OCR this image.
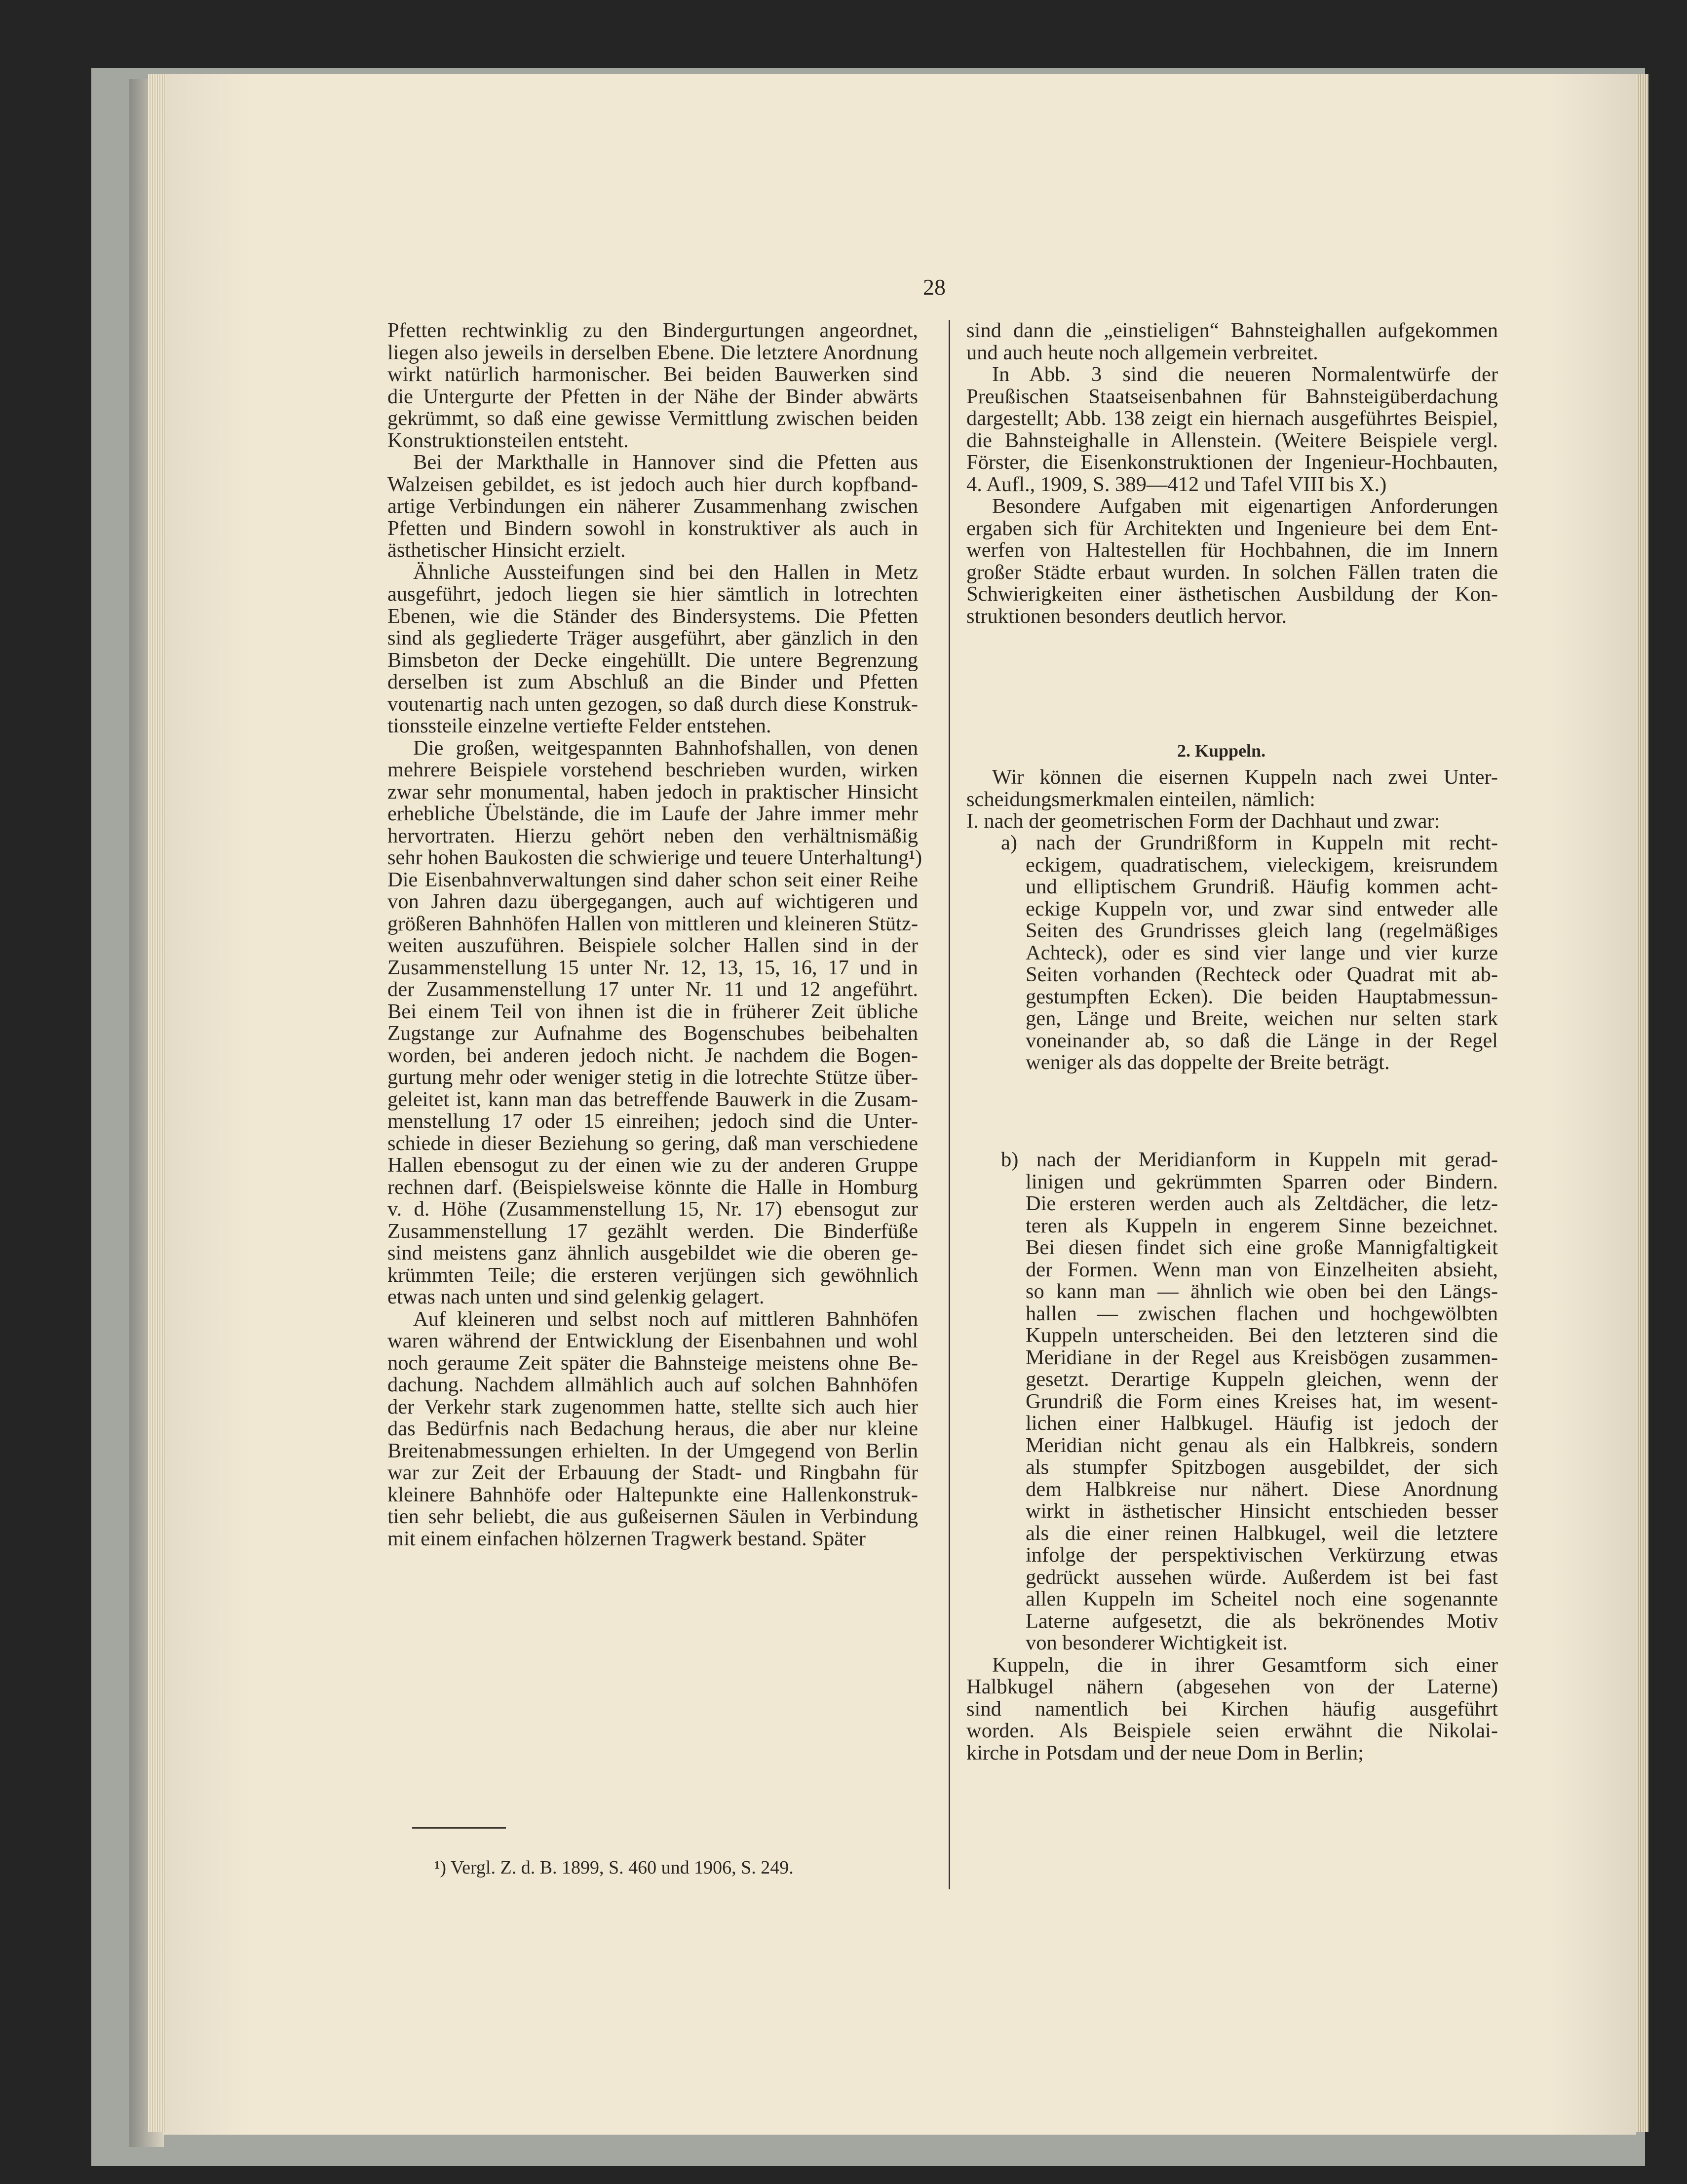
28
Pfetten rechtwinklig zu den Bindergurtungen angeordnet,
liegen also jeweils in derselben Ebene. Die letztere Anordnung
wirkt natürlich harmonischer. Bei beiden Bauwerken sind
die Untergurte der Pfetten in der Nähe der Binder abwärts
gekrümmt, so daß eine gewisse Vermittlung zwischen beiden
Konstruktionsteilen entsteht.
Bei der Markthalle in Hannover sind die Pfetten aus
Walzeisen gebildet, es ist jedoch auch hier durch kopfband-
artige Verbindungen ein näherer Zusammenhang zwischen
Pfetten und Bindern sowohl in konstruktiver als auch in
ästhetischer Hinsicht erzielt.
Ähnliche Aussteifungen sind bei den Hallen in Metz
ausgeführt, jedoch liegen sie hier sämtlich in lotrechten
Ebenen, wie die Ständer des Bindersystems. Die Pfetten
sind als gegliederte Träger ausgeführt, aber gänzlich in den
Bimsbeton der Decke eingehüllt. Die untere Begrenzung
derselben ist zum Abschluß an die Binder und Pfetten
voutenartig nach unten gezogen, so daß durch diese Konstruk-
tionssteile einzelne vertiefte Felder entstehen.
Die großen, weitgespannten Bahnhofshallen, von denen
mehrere Beispiele vorstehend beschrieben wurden, wirken
zwar sehr monumental, haben jedoch in praktischer Hinsicht
erhebliche Übelstände, die im Laufe der Jahre immer mehr
hervortraten. Hierzu gehört neben den verhältnismäßig
sehr hohen Baukosten die schwierige und teuere Unterhaltung¹)
Die Eisenbahnverwaltungen sind daher schon seit einer Reihe
von Jahren dazu übergegangen, auch auf wichtigeren und
größeren Bahnhöfen Hallen von mittleren und kleineren Stütz-
weiten auszuführen. Beispiele solcher Hallen sind in der
Zusammenstellung 15 unter Nr. 12, 13, 15, 16, 17 und in
der Zusammenstellung 17 unter Nr. 11 und 12 angeführt.
Bei einem Teil von ihnen ist die in früherer Zeit übliche
Zugstange zur Aufnahme des Bogenschubes beibehalten
worden, bei anderen jedoch nicht. Je nachdem die Bogen-
gurtung mehr oder weniger stetig in die lotrechte Stütze über-
geleitet ist, kann man das betreffende Bauwerk in die Zusam-
menstellung 17 oder 15 einreihen; jedoch sind die Unter-
schiede in dieser Beziehung so gering, daß man verschiedene
Hallen ebensogut zu der einen wie zu der anderen Gruppe
rechnen darf. (Beispielsweise könnte die Halle in Homburg
v. d. Höhe (Zusammenstellung 15, Nr. 17) ebensogut zur
Zusammenstellung 17 gezählt werden. Die Binderfüße
sind meistens ganz ähnlich ausgebildet wie die oberen ge-
krümmten Teile; die ersteren verjüngen sich gewöhnlich
etwas nach unten und sind gelenkig gelagert.
Auf kleineren und selbst noch auf mittleren Bahnhöfen
waren während der Entwicklung der Eisenbahnen und wohl
noch geraume Zeit später die Bahnsteige meistens ohne Be-
dachung. Nachdem allmählich auch auf solchen Bahnhöfen
der Verkehr stark zugenommen hatte, stellte sich auch hier
das Bedürfnis nach Bedachung heraus, die aber nur kleine
Breitenabmessungen erhielten. In der Umgegend von Berlin
war zur Zeit der Erbauung der Stadt- und Ringbahn für
kleinere Bahnhöfe oder Haltepunkte eine Hallenkonstruk-
tien sehr beliebt, die aus gußeisernen Säulen in Verbindung
mit einem einfachen hölzernen Tragwerk bestand. Später
¹) Vergl. Z. d. B. 1899, S. 460 und 1906, S. 249.
sind dann die „einstieligen“ Bahnsteighallen aufgekommen
und auch heute noch allgemein verbreitet.
In Abb. 3 sind die neueren Normalentwürfe der
Preußischen Staatseisenbahnen für Bahnsteigüberdachung
dargestellt; Abb. 138 zeigt ein hiernach ausgeführtes Beispiel,
die Bahnsteighalle in Allenstein. (Weitere Beispiele vergl.
Förster, die Eisenkonstruktionen der Ingenieur-Hochbauten,
4. Aufl., 1909, S. 389—412 und Tafel VIII bis X.)
Besondere Aufgaben mit eigenartigen Anforderungen
ergaben sich für Architekten und Ingenieure bei dem Ent-
werfen von Haltestellen für Hochbahnen, die im Innern
großer Städte erbaut wurden. In solchen Fällen traten die
Schwierigkeiten einer ästhetischen Ausbildung der Kon-
struktionen besonders deutlich hervor.
2. Kuppeln.
Wir können die eisernen Kuppeln nach zwei Unter-
scheidungsmerkmalen einteilen, nämlich:
I. nach der geometrischen Form der Dachhaut und zwar:
a) nach der Grundrißform in Kuppeln mit recht-
eckigem, quadratischem, vieleckigem, kreisrundem
und elliptischem Grundriß. Häufig kommen acht-
eckige Kuppeln vor, und zwar sind entweder alle
Seiten des Grundrisses gleich lang (regelmäßiges
Achteck), oder es sind vier lange und vier kurze
Seiten vorhanden (Rechteck oder Quadrat mit ab-
gestumpften Ecken). Die beiden Hauptabmessun-
gen, Länge und Breite, weichen nur selten stark
voneinander ab, so daß die Länge in der Regel
weniger als das doppelte der Breite beträgt.
b) nach der Meridianform in Kuppeln mit gerad-
linigen und gekrümmten Sparren oder Bindern.
Die ersteren werden auch als Zeltdächer, die letz-
teren als Kuppeln in engerem Sinne bezeichnet.
Bei diesen findet sich eine große Mannigfaltigkeit
der Formen. Wenn man von Einzelheiten absieht,
so kann man — ähnlich wie oben bei den Längs-
hallen — zwischen flachen und hochgewölbten
Kuppeln unterscheiden. Bei den letzteren sind die
Meridiane in der Regel aus Kreisbögen zusammen-
gesetzt. Derartige Kuppeln gleichen, wenn der
Grundriß die Form eines Kreises hat, im wesent-
lichen einer Halbkugel. Häufig ist jedoch der
Meridian nicht genau als ein Halbkreis, sondern
als stumpfer Spitzbogen ausgebildet, der sich
dem Halbkreise nur nähert. Diese Anordnung
wirkt in ästhetischer Hinsicht entschieden besser
als die einer reinen Halbkugel, weil die letztere
infolge der perspektivischen Verkürzung etwas
gedrückt aussehen würde. Außerdem ist bei fast
allen Kuppeln im Scheitel noch eine sogenannte
Laterne aufgesetzt, die als bekrönendes Motiv
von besonderer Wichtigkeit ist.
Kuppeln, die in ihrer Gesamtform sich einer
Halbkugel nähern (abgesehen von der Laterne)
sind namentlich bei Kirchen häufig ausgeführt
worden. Als Beispiele seien erwähnt die Nikolai-
kirche in Potsdam und der neue Dom in Berlin;
